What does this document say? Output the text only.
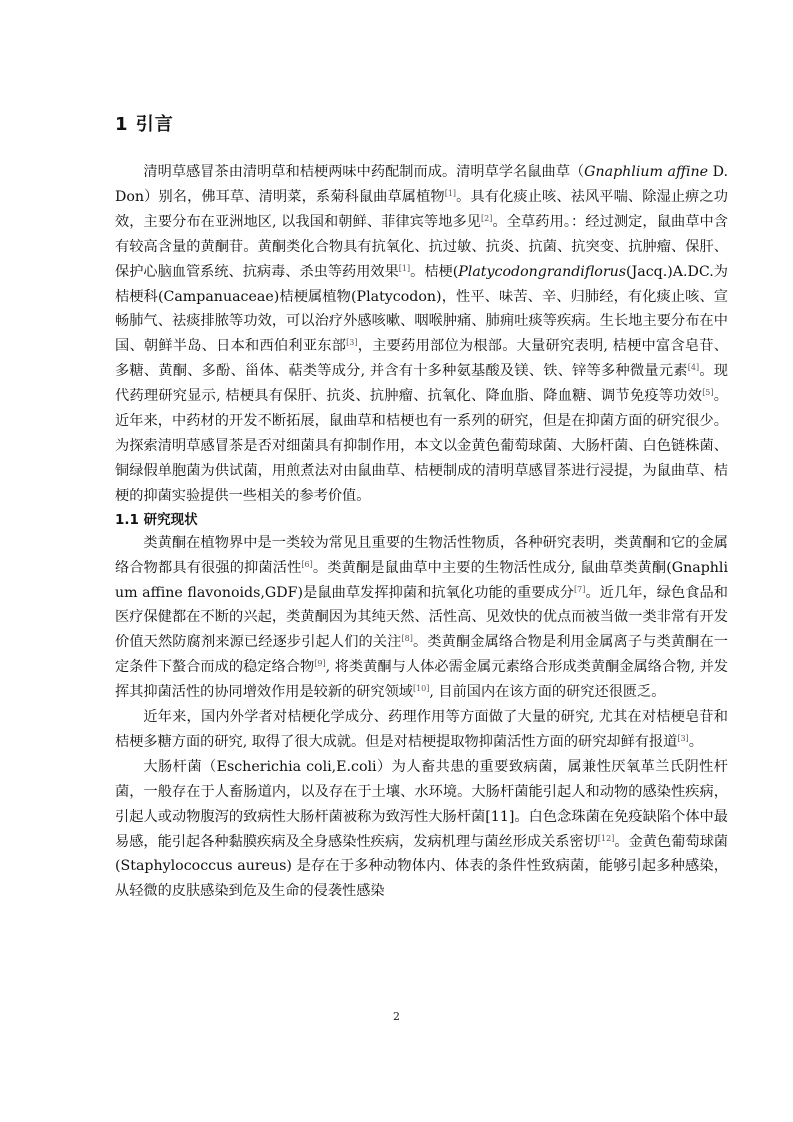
1 引言

清明草感冒茶由清明草和桔梗两味中药配制而成。清明草学名鼠曲草（Gnaphlium affine D.Don）别名，佛耳草、清明菜，系菊科鼠曲草属植物[1]。具有化痰止咳、祛风平喘、除湿止痹之功效，主要分布在亚洲地区, 以我国和朝鲜、菲律宾等地多见[2]。全草药用。：经过测定，鼠曲草中含有较高含量的黄酮苷。黄酮类化合物具有抗氧化、抗过敏、抗炎、抗菌、抗突变、抗肿瘤、保肝、保护心脑血管系统、抗病毒、杀虫等药用效果[1]。桔梗(Platycodongrandiflorus(Jacq.)A.DC.为桔梗科(Campanuaceae)桔梗属植物(Platycodon)，性平、味苦、辛、归肺经，有化痰止咳、宣畅肺气、祛痰排脓等功效，可以治疗外感咳嗽、咽喉肿痛、肺痈吐痰等疾病。生长地主要分布在中国、朝鲜半岛、日本和西伯利亚东部[3]，主要药用部位为根部。大量研究表明, 桔梗中富含皂苷、多糖、黄酮、多酚、甾体、萜类等成分, 并含有十多种氨基酸及镁、铁、锌等多种微量元素[4]。现代药理研究显示, 桔梗具有保肝、抗炎、抗肿瘤、抗氧化、降血脂、降血糖、调节免疫等功效[5]。近年来，中药材的开发不断拓展，鼠曲草和桔梗也有一系列的研究，但是在抑菌方面的研究很少。为探索清明草感冒茶是否对细菌具有抑制作用，本文以金黄色葡萄球菌、大肠杆菌、白色链株菌、铜绿假单胞菌为供试菌，用煎煮法对由鼠曲草、桔梗制成的清明草感冒茶进行浸提，为鼠曲草、桔梗的抑菌实验提供一些相关的参考价值。

1.1 研究现状

类黄酮在植物界中是一类较为常见且重要的生物活性物质，各种研究表明，类黄酮和它的金属络合物都具有很强的抑菌活性[6]。类黄酮是鼠曲草中主要的生物活性成分, 鼠曲草类黄酮(Gnaphlium affine flavonoids,GDF)是鼠曲草发挥抑菌和抗氧化功能的重要成分[7]。近几年，绿色食品和医疗保健都在不断的兴起，类黄酮因为其纯天然、活性高、见效快的优点而被当做一类非常有开发价值天然防腐剂来源已经逐步引起人们的关注[8]。类黄酮金属络合物是利用金属离子与类黄酮在一定条件下螯合而成的稳定络合物[9], 将类黄酮与人体必需金属元素络合形成类黄酮金属络合物, 并发挥其抑菌活性的协同增效作用是较新的研究领域[10], 目前国内在该方面的研究还很匮乏。

近年来，国内外学者对桔梗化学成分、药理作用等方面做了大量的研究, 尤其在对桔梗皂苷和桔梗多糖方面的研究, 取得了很大成就。但是对桔梗提取物抑菌活性方面的研究却鲜有报道[3]。

大肠杆菌（Escherichia coli,E.coli）为人畜共患的重要致病菌，属兼性厌氧革兰氏阴性杆菌，一般存在于人畜肠道内，以及存在于土壤、水环境。大肠杆菌能引起人和动物的感染性疾病，引起人或动物腹泻的致病性大肠杆菌被称为致泻性大肠杆菌[11]。白色念珠菌在免疫缺陷个体中最易感，能引起各种黏膜疾病及全身感染性疾病，发病机理与菌丝形成关系密切[12]。金黄色葡萄球菌 (Staphylococcus aureus) 是存在于多种动物体内、体表的条件性致病菌，能够引起多种感染，从轻微的皮肤感染到危及生命的侵袭性感染

2
